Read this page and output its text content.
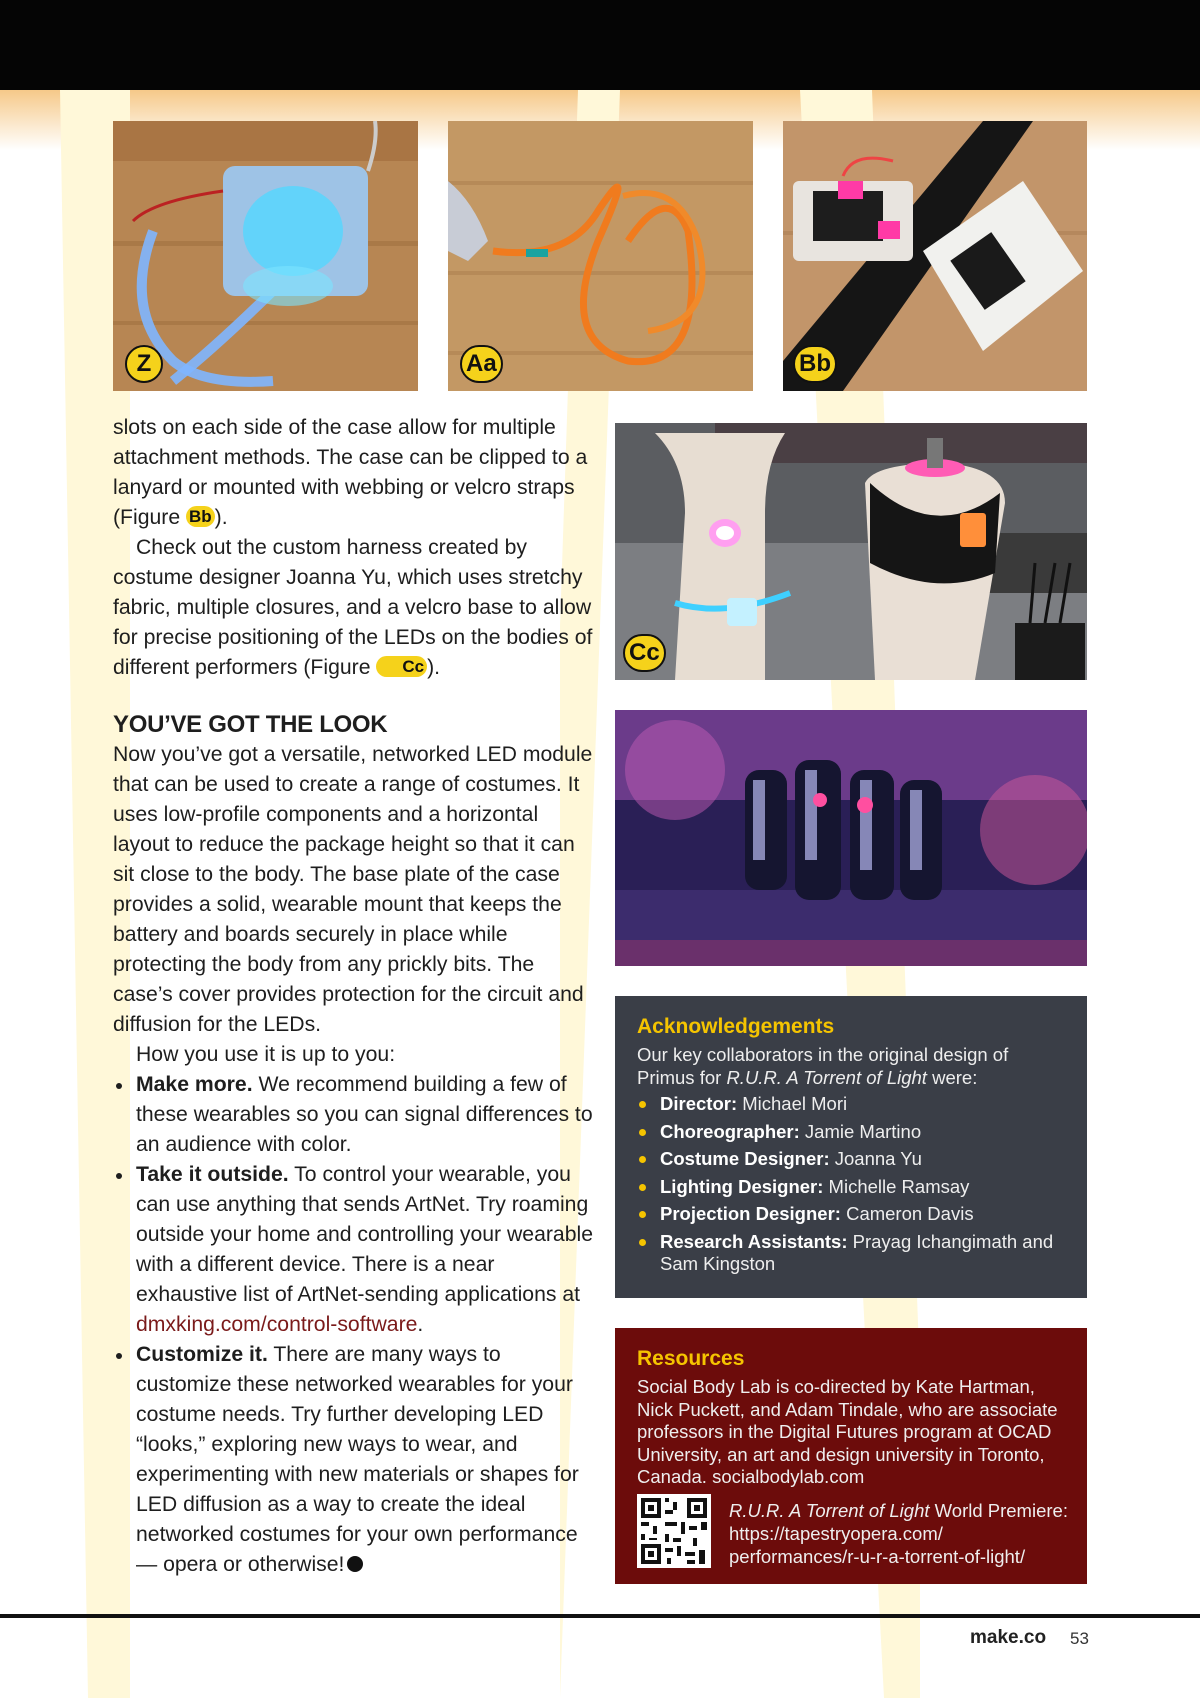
Z	Aa	Bb
Cc

slots on each side of the case allow for multiple attachment methods. The case can be clipped to a lanyard or mounted with webbing or velcro straps (Figure Bb ).

Check out the custom harness created by costume designer Joanna Yu, which uses stretchy fabric, multiple closures, and a velcro base to allow for precise positioning of the LEDs on the bodies of different performers (Figure Cc ).

YOU’VE GOT THE LOOK

Now you’ve got a versatile, networked LED module that can be used to create a range of costumes. It uses low-profile components and a horizontal layout to reduce the package height so that it can sit close to the body. The base plate of the case provides a solid, wearable mount that keeps the battery and boards securely in place while protecting the body from any prickly bits. The case’s cover provides protection for the circuit and diffusion for the LEDs.

How you use it is up to you:

Make more. We recommend building a few of these wearables so you can signal differences to an audience with color.
Take it outside. To control your wearable, you can use anything that sends ArtNet. Try roaming outside your home and controlling your wearable with a different device. There is a near exhaustive list of ArtNet-sending applications at dmxking.com/control-software.
Customize it. There are many ways to customize these networked wearables for your costume needs. Try further developing LED “looks,” exploring new ways to wear, and experimenting with new materials or shapes for LED diffusion as a way to create the ideal networked costumes for your own performance — opera or otherwise!
Acknowledgements

Our key collaborators in the original design of Primus for R.U.R. A Torrent of Light were:

Director: Michael Mori
Choreographer: Jamie Martino
Costume Designer: Joanna Yu
Lighting Designer: Michelle Ramsay
Projection Designer: Cameron Davis
Research Assistants: Prayag Ichangimath and Sam Kingston
Resources

Social Body Lab is co-directed by Kate Hartman, Nick Puckett, and Adam Tindale, who are associate professors in the Digital Futures program at OCAD University, an art and design university in Toronto, Canada. socialbodylab.com

R.U.R. A Torrent of Light World Premiere: https://tapestryopera.com/ performances/r-u-r-a-torrent-of-light/
make.co 53
